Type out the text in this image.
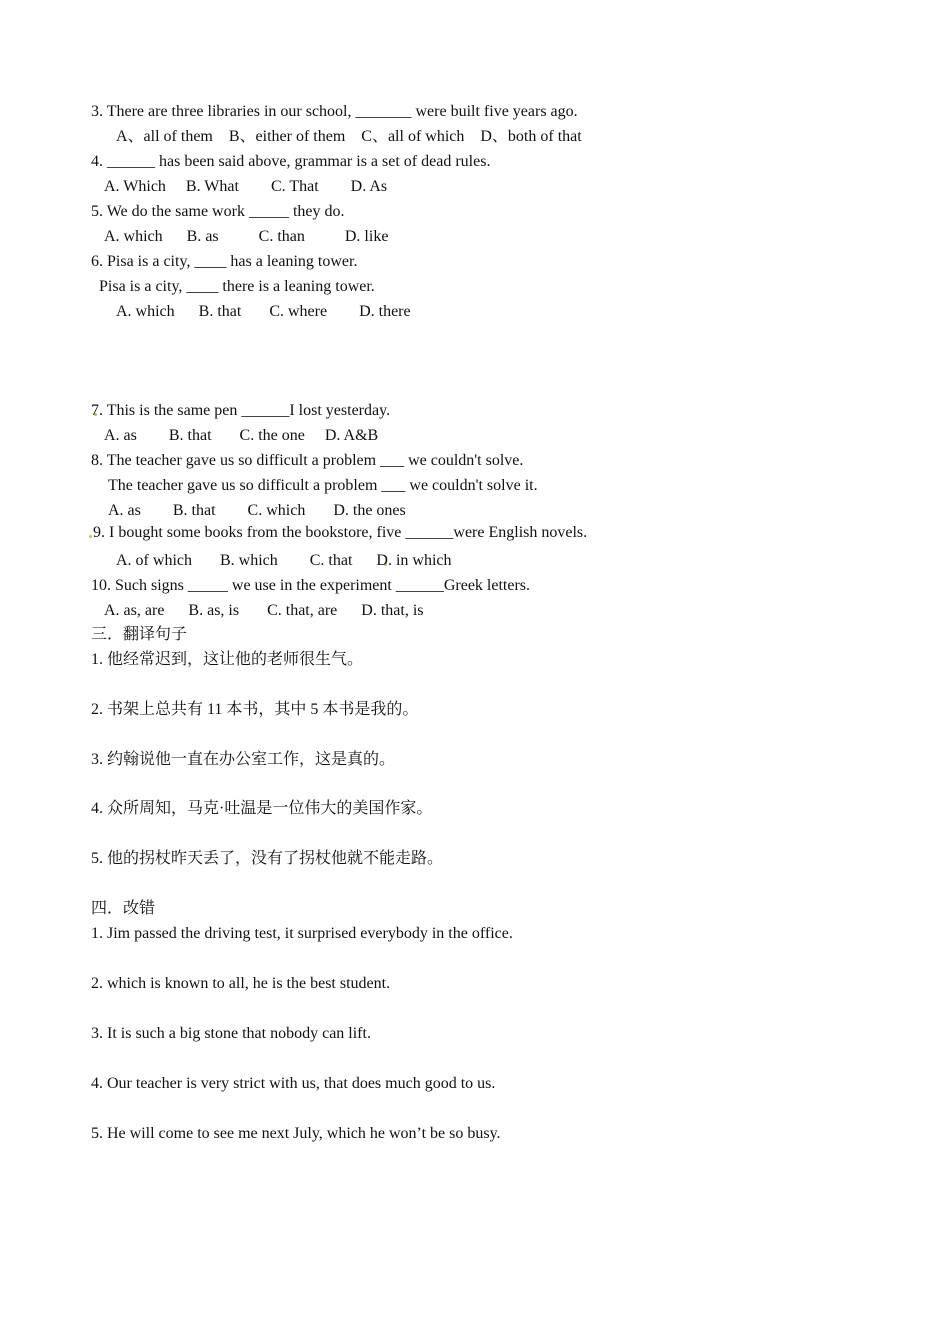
3. There are three libraries in our school, _______ were built five years ago.
A、all of them    B、either of them    C、all of which    D、both of that
4. ______ has been said above, grammar is a set of dead rules.
A. Which     B. What        C. That        D. As
5. We do the same work _____ they do.
A. which      B. as          C. than          D. like
6. Pisa is a city, ____ has a leaning tower.
Pisa is a city, ____ there is a leaning tower.
A. which      B. that       C. where        D. there
7. This is the same pen ______I lost yesterday.
A. as        B. that       C. the one     D. A&B
8. The teacher gave us so difficult a problem ___ we couldn't solve.
The teacher gave us so difficult a problem ___ we couldn't solve it.
A. as        B. that        C. which       D. the ones
9. I bought some books from the bookstore, five ______were English novels.
A. of which       B. which        C. that      D. in which
10. Such signs _____ we use in the experiment ______Greek letters.
A. as, are      B. as, is       C. that, are      D. that, is
三．翻译句子
1. 他经常迟到，这让他的老师很生气。
2. 书架上总共有 11 本书，其中 5 本书是我的。
3. 约翰说他一直在办公室工作，这是真的。
4. 众所周知，马克·吐温是一位伟大的美国作家。
5. 他的拐杖昨天丢了，没有了拐杖他就不能走路。
四．改错
1. Jim passed the driving test, it surprised everybody in the office.
2. which is known to all, he is the best student.
3. It is such a big stone that nobody can lift.
4. Our teacher is very strict with us, that does much good to us.
5. He will come to see me next July, which he won’t be so busy.
